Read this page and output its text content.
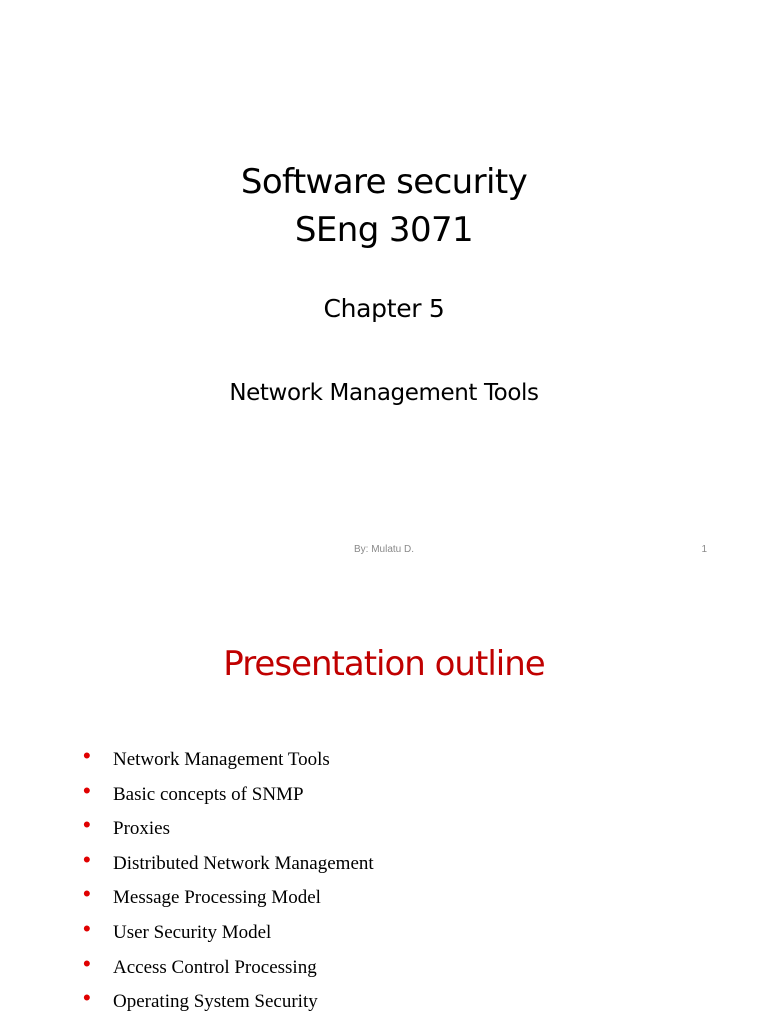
Software security
SEng 3071
Chapter 5
Network Management Tools
By: Mulatu D.	1
Presentation outline
• Network Management Tools
• Basic concepts of SNMP
• Proxies
• Distributed Network Management
• Message Processing Model
• User Security Model
• Access Control Processing
• Operating System Security
